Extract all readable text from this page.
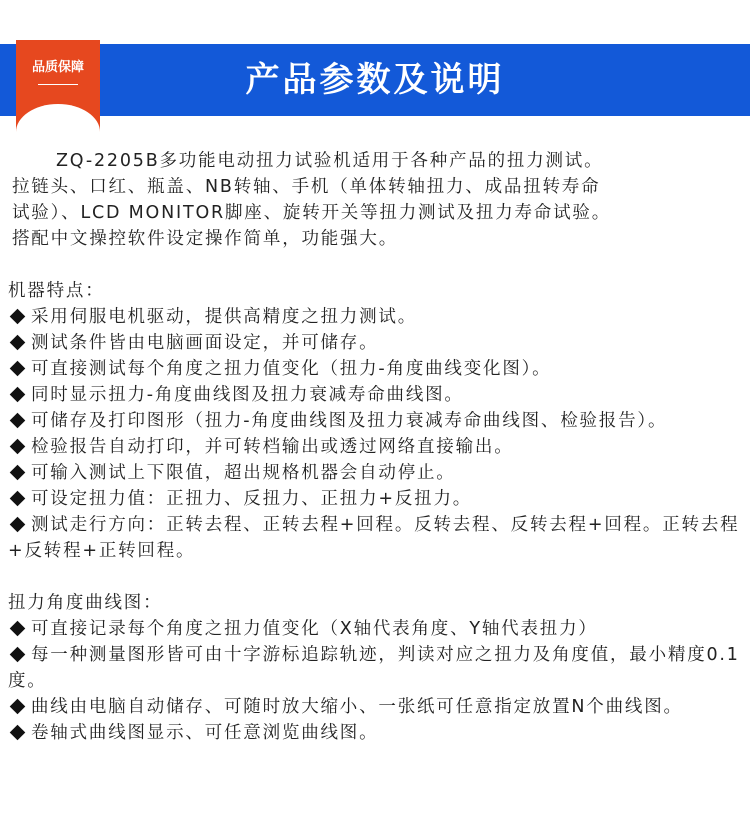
产品参数及说明
品质保障
ZQ-2205B多功能电动扭力试验机适用于各种产品的扭力测试。
拉链头、口红、瓶盖、NB转轴、手机（单体转轴扭力、成品扭转寿命
试验）、LCD MONITOR脚座、旋转开关等扭力测试及扭力寿命试验。
搭配中文操控软件设定操作简单，功能强大。
机器特点：
采用伺服电机驱动，提供高精度之扭力测试。
测试条件皆由电脑画面设定，并可储存。
可直接测试每个角度之扭力值变化（扭力-角度曲线变化图）。
同时显示扭力-角度曲线图及扭力衰减寿命曲线图。
可储存及打印图形（扭力-角度曲线图及扭力衰减寿命曲线图、检验报告）。
检验报告自动打印，并可转档输出或透过网络直接输出。
可输入测试上下限值，超出规格机器会自动停止。
可设定扭力值：正扭力、反扭力、正扭力+反扭力。
测试走行方向：正转去程、正转去程+回程。反转去程、反转去程+回程。正转去程+反转程+正转回程。
扭力角度曲线图：
可直接记录每个角度之扭力值变化（X轴代表角度、Y轴代表扭力）
每一种测量图形皆可由十字游标追踪轨迹，判读对应之扭力及角度值，最小精度0.1度。
曲线由电脑自动储存、可随时放大缩小、一张纸可任意指定放置N个曲线图。
卷轴式曲线图显示、可任意浏览曲线图。
